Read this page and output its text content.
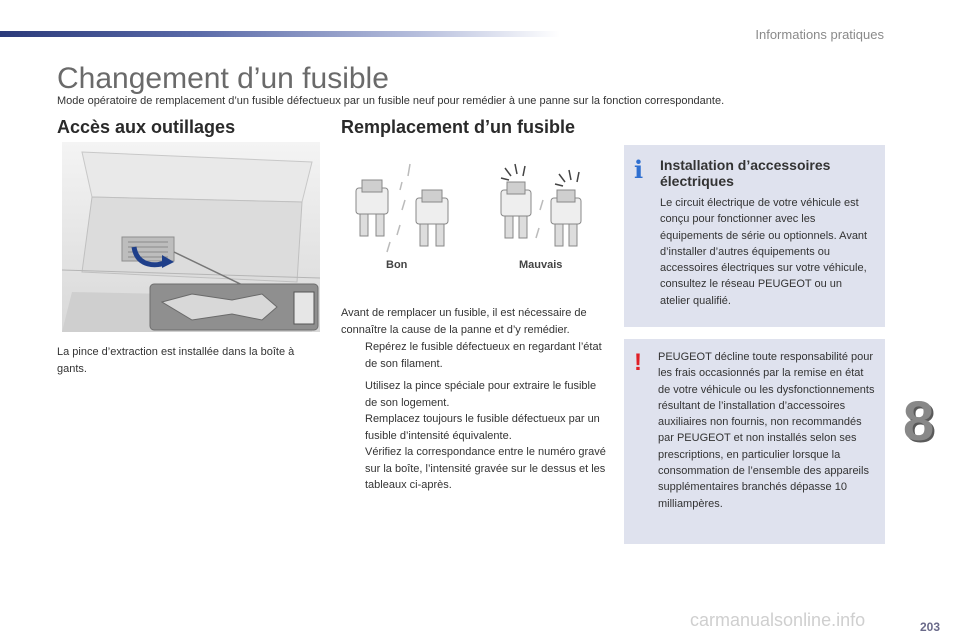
Informations pratiques
Changement d’un fusible
Mode opératoire de remplacement d’un fusible défectueux par un fusible neuf pour remédier à une panne sur la fonction correspondante.
Accès aux outillages	Remplacement d’un fusible
La pince d’extraction est installée dans la boîte à gants.
Bon	Mauvais

Avant de remplacer un fusible, il est nécessaire de connaître la cause de la panne et d’y remédier.

Repérez le fusible défectueux en regardant l’état de son filament.
Utilisez la pince spéciale pour extraire le fusible de son logement.
Remplacez toujours le fusible défectueux par un fusible d’intensité équivalente.
Vérifiez la correspondance entre le numéro gravé sur la boîte, l’intensité gravée sur le dessus et les tableaux ci-après.
i Installation d’accessoires électriques
Le circuit électrique de votre véhicule est conçu pour fonctionner avec les équipements de série ou optionnels. Avant d’installer d’autres équipements ou accessoires électriques sur votre véhicule, consultez le réseau PEUGEOT ou un atelier qualifié.
! PEUGEOT décline toute responsabilité pour les frais occasionnés par la remise en état de votre véhicule ou les dysfonctionnements résultant de l’installation d’accessoires auxiliaires non fournis, non recommandés par PEUGEOT et non installés selon ses prescriptions, en particulier lorsque la consommation de l’ensemble des appareils supplémentaires branchés dépasse 10 milliampères.
8
203
carmanualsonline.info
